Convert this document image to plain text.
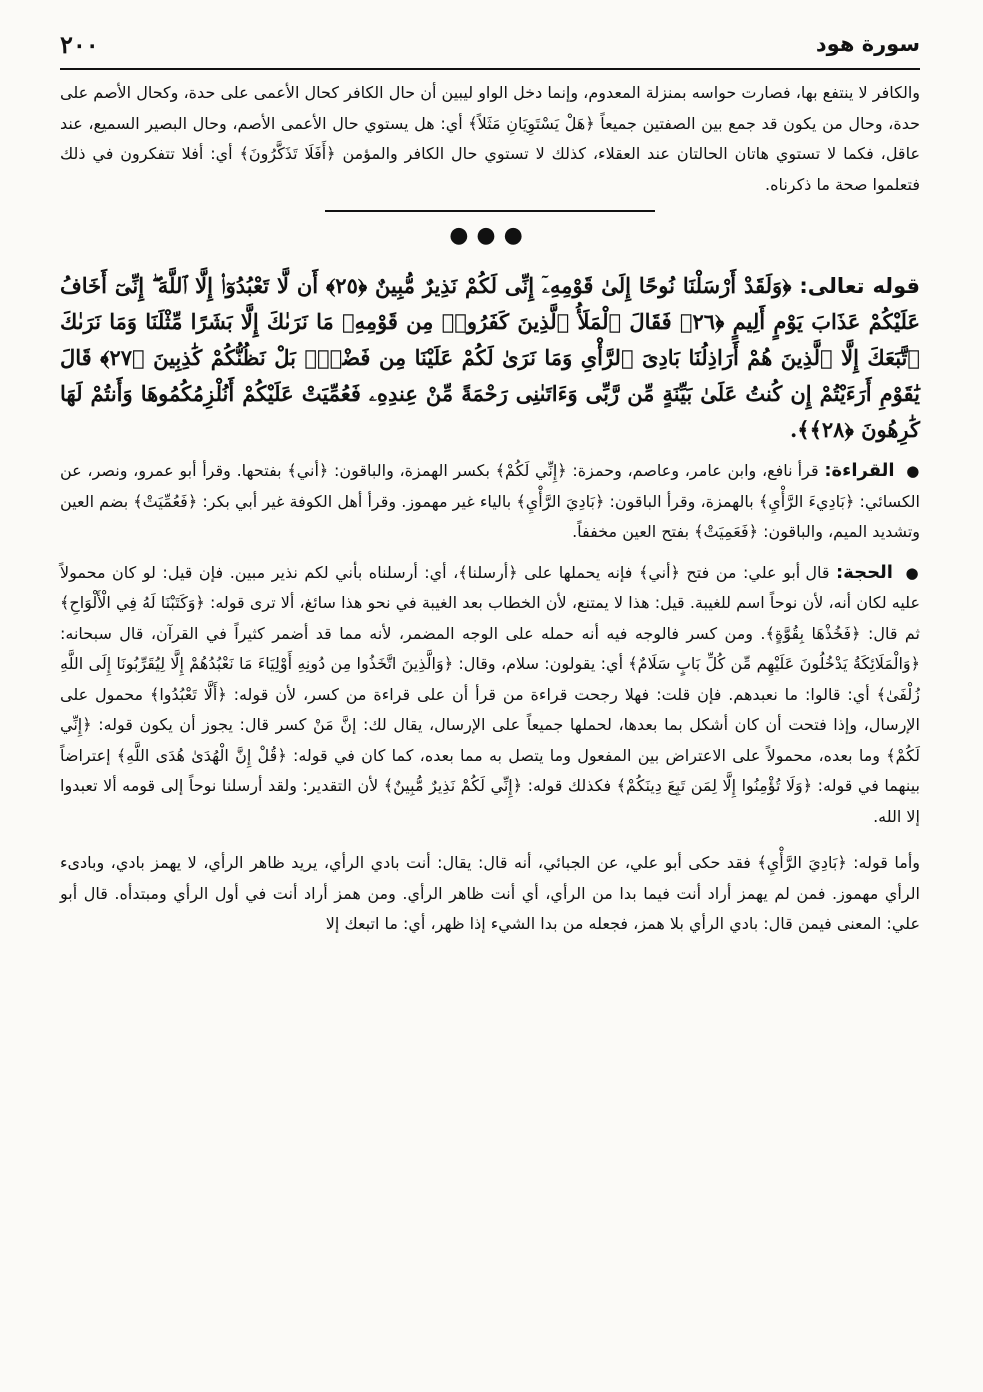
سورة هود
٢٠٠

والكافر لا ينتفع بها، فصارت حواسه بمنزلة المعدوم، وإنما دخل الواو ليبين أن حال الكافر كحال الأعمى على حدة، وكحال الأصم على حدة، وحال من يكون قد جمع بين الصفتين جميعاً ﴿هَلْ يَسْتَوِيَانِ مَثَلاً﴾ أي: هل يستوي حال الأعمى الأصم، وحال البصير السميع، عند عاقل، فكما لا تستوي هاتان الحالتان عند العقلاء، كذلك لا تستوي حال الكافر والمؤمن ﴿أَفَلَا تَذَكَّرُونَ﴾ أي: أفلا تتفكرون في ذلك فتعلموا صحة ما ذكرناه.

●●●

قوله تعالى: ﴿وَلَقَدْ أَرْسَلْنَا نُوحًا إِلَىٰ قَوْمِهِۦٓ إِنِّى لَكُمْ نَذِيرٌ مُّبِينٌ ﴿٢٥﴾ أَن لَّا تَعْبُدُوٓا۟ إِلَّا ٱللَّهَ ۖ إِنِّىٓ أَخَافُ عَلَيْكُمْ عَذَابَ يَوْمٍ أَلِيمٍ ﴿٢٦﴾ فَقَالَ ٱلْمَلَأُ ٱلَّذِينَ كَفَرُوا۟ مِن قَوْمِهِۦ مَا نَرَىٰكَ إِلَّا بَشَرًا مِّثْلَنَا وَمَا نَرَىٰكَ ٱتَّبَعَكَ إِلَّا ٱلَّذِينَ هُمْ أَرَاذِلُنَا بَادِىَ ٱلرَّأْىِ وَمَا نَرَىٰ لَكُمْ عَلَيْنَا مِن فَضْلٍۭ بَلْ نَظُنُّكُمْ كَٰذِبِينَ ﴿٢٧﴾ قَالَ يَٰقَوْمِ أَرَءَيْتُمْ إِن كُنتُ عَلَىٰ بَيِّنَةٍ مِّن رَّبِّى وَءَاتَىٰنِى رَحْمَةً مِّنْ عِندِهِۦ فَعُمِّيَتْ عَلَيْكُمْ أَنُلْزِمُكُمُوهَا وَأَنتُمْ لَهَا كَٰرِهُونَ ﴿٢٨﴾﴾.

● القراءة: قرأ نافع، وابن عامر، وعاصم، وحمزة: ﴿إِنِّي لَكُمْ﴾ بكسر الهمزة، والباقون: ﴿أني﴾ بفتحها. وقرأ أبو عمرو، ونصر، عن الكسائي: ﴿بَادِيءَ الرَّأْيِ﴾ بالهمزة، وقرأ الباقون: ﴿بَادِيَ الرَّأْيِ﴾ بالياء غير مهموز. وقرأ أهل الكوفة غير أبي بكر: ﴿فَعُمِّيَتْ﴾ بضم العين وتشديد الميم، والباقون: ﴿فَعَمِيَتْ﴾ بفتح العين مخففاً.

● الحجة: قال أبو علي: من فتح ﴿أني﴾ فإنه يحملها على ﴿أرسلنا﴾، أي: أرسلناه بأني لكم نذير مبين. فإن قيل: لو كان محمولاً عليه لكان أنه، لأن نوحاً اسم للغيبة. قيل: هذا لا يمتنع، لأن الخطاب بعد الغيبة في نحو هذا سائغ، ألا ترى قوله: ﴿وَكَتَبْنَا لَهُ فِي الْأَلْوَاحِ﴾ ثم قال: ﴿فَخُذْهَا بِقُوَّةٍ﴾. ومن كسر فالوجه فيه أنه حمله على الوجه المضمر، لأنه مما قد أضمر كثيراً في القرآن، قال سبحانه: ﴿وَالْمَلَائِكَةُ يَدْخُلُونَ عَلَيْهِم مِّن كُلِّ بَابٍ سَلَامٌ﴾ أي: يقولون: سلام، وقال: ﴿وَالَّذِينَ اتَّخَذُوا مِن دُونِهِ أَوْلِيَاءَ مَا نَعْبُدُهُمْ إِلَّا لِيُقَرِّبُونَا إِلَى اللَّهِ زُلْفَىٰ﴾ أي: قالوا: ما نعبدهم. فإن قلت: فهلا رجحت قراءة من قرأ أن على قراءة من كسر، لأن قوله: ﴿أَلَّا تَعْبُدُوا﴾ محمول على الإرسال، وإذا فتحت أن كان أشكل بما بعدها، لحملها جميعاً على الإرسال، يقال لك: إنَّ مَنْ كسر قال: يجوز أن يكون قوله: ﴿إِنِّي لَكُمْ﴾ وما بعده، محمولاً على الاعتراض بين المفعول وما يتصل به مما بعده، كما كان في قوله: ﴿قُلْ إِنَّ الْهُدَىٰ هُدَى اللَّهِ﴾ إعتراضاً بينهما في قوله: ﴿وَلَا تُؤْمِنُوا إِلَّا لِمَن تَبِعَ دِينَكُمْ﴾ فكذلك قوله: ﴿إِنِّي لَكُمْ نَذِيرٌ مُّبِينٌ﴾ لأن التقدير: ولقد أرسلنا نوحاً إلى قومه ألا تعبدوا إلا الله.

وأما قوله: ﴿بَادِيَ الرَّأْيِ﴾ فقد حكى أبو علي، عن الجبائي، أنه قال: يقال: أنت بادي الرأي، يريد ظاهر الرأي، لا يهمز بادي، وبادىء الرأي مهموز. فمن لم يهمز أراد أنت فيما بدا من الرأي، أي أنت ظاهر الرأي. ومن همز أراد أنت في أول الرأي ومبتدأه. قال أبو علي: المعنى فيمن قال: بادي الرأي بلا همز، فجعله من بدا الشيء إذا ظهر، أي: ما اتبعك إلا
